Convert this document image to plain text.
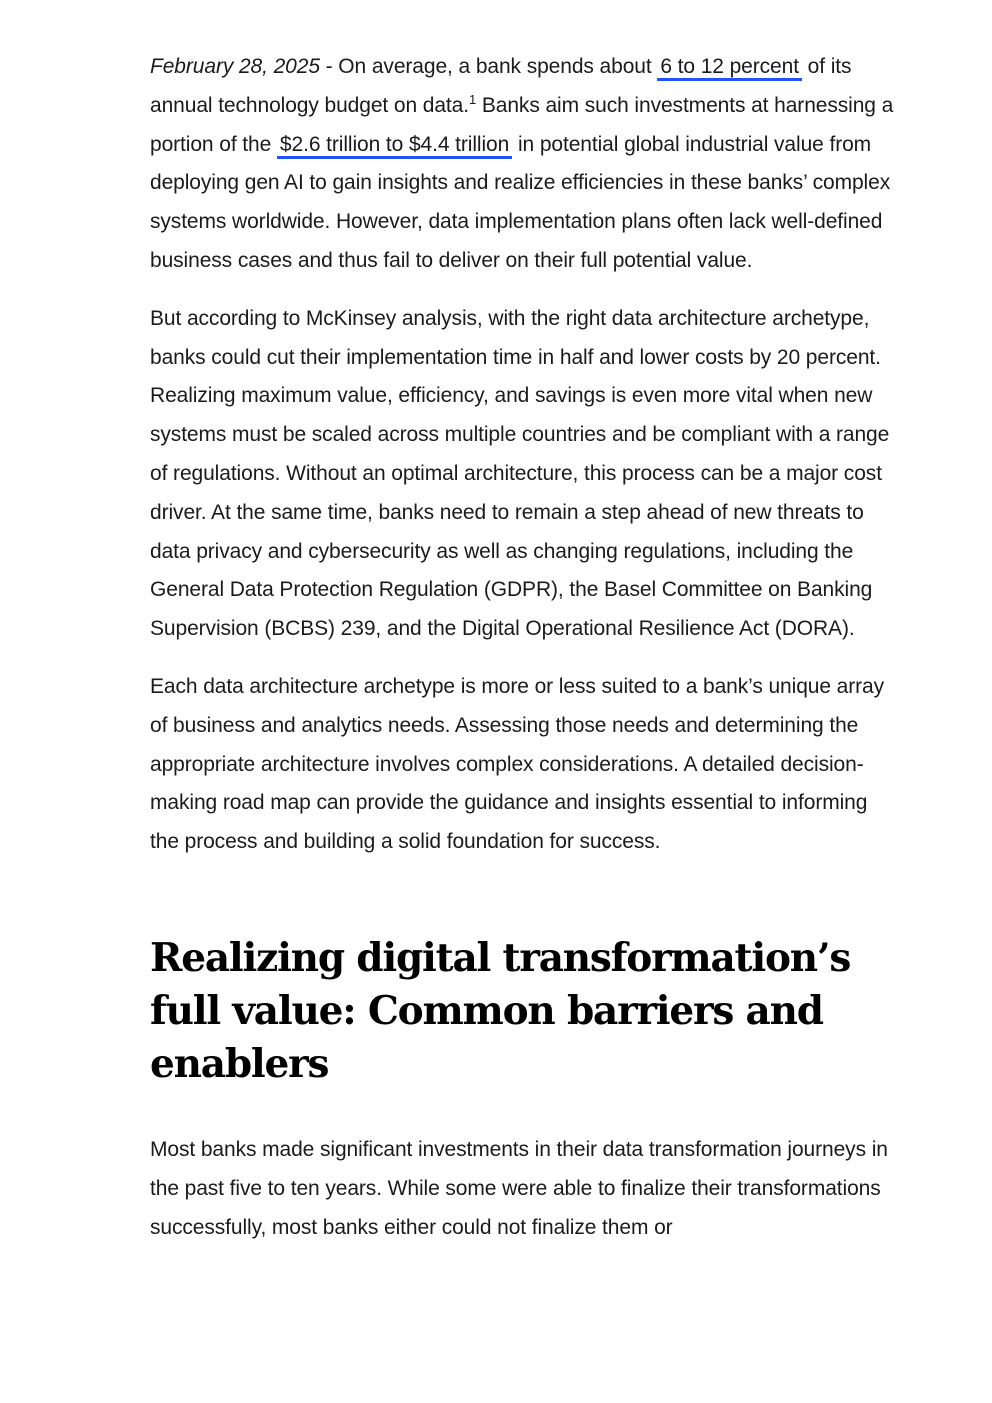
February 28, 2025 - On average, a bank spends about 6 to 12 percent of its annual technology budget on data.$^1$ Banks aim such investments at harnessing a portion of the $2.6 trillion to $4.4 trillion in potential global industrial value from deploying gen AI to gain insights and realize efficiencies in these banks’ complex systems worldwide. However, data implementation plans often lack well-defined business cases and thus fail to deliver on their full potential value.

But according to McKinsey analysis, with the right data architecture archetype, banks could cut their implementation time in half and lower costs by 20 percent. Realizing maximum value, efficiency, and savings is even more vital when new systems must be scaled across multiple countries and be compliant with a range of regulations. Without an optimal architecture, this process can be a major cost driver. At the same time, banks need to remain a step ahead of new threats to data privacy and cybersecurity as well as changing regulations, including the General Data Protection Regulation (GDPR), the Basel Committee on Banking Supervision (BCBS) 239, and the Digital Operational Resilience Act (DORA).

Each data architecture archetype is more or less suited to a bank’s unique array of business and analytics needs. Assessing those needs and determining the appropriate architecture involves complex considerations. A detailed decision-making road map can provide the guidance and insights essential to informing the process and building a solid foundation for success.

Realizing digital transformation’s full value: Common barriers and enablers

Most banks made significant investments in their data transformation journeys in the past five to ten years. While some were able to finalize their transformations successfully, most banks either could not finalize them or
